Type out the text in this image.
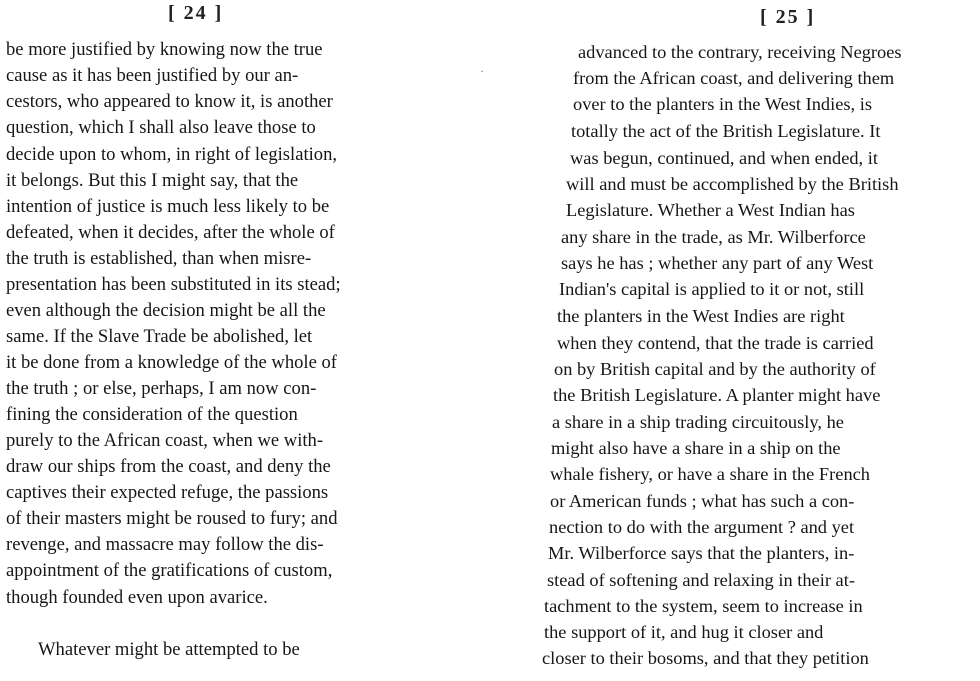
[ 24 ]
be more justified by knowing now the true
cause as it has been justified by our an-
cestors, who appeared to know it, is another
question, which I shall also leave those to
decide upon to whom, in right of legislation,
it belongs. But this I might say, that the
intention of justice is much less likely to be
defeated, when it decides, after the whole of
the truth is established, than when misre-
presentation has been substituted in its stead;
even although the decision might be all the
same. If the Slave Trade be abolished, let
it be done from a knowledge of the whole of
the truth ; or else, perhaps, I am now con-
fining the consideration of the question
purely to the African coast, when we with-
draw our ships from the coast, and deny the
captives their expected refuge, the passions
of their masters might be roused to fury; and
revenge, and massacre may follow the dis-
appointment of the gratifications of custom,
though founded even upon avarice.
Whatever might be attempted to be
·
[ 25 ]
advanced to the contrary, receiving Negroes
from the African coast, and delivering them
over to the planters in the West Indies, is
totally the act of the British Legislature. It
was begun, continued, and when ended, it
will and must be accomplished by the British
Legislature. Whether a West Indian has
any share in the trade, as Mr. Wilberforce
says he has ; whether any part of any West
Indian's capital is applied to it or not, still
the planters in the West Indies are right
when they contend, that the trade is carried
on by British capital and by the authority of
the British Legislature. A planter might have
a share in a ship trading circuitously, he
might also have a share in a ship on the
whale fishery, or have a share in the French
or American funds ; what has such a con-
nection to do with the argument ? and yet
Mr. Wilberforce says that the planters, in-
stead of softening and relaxing in their at-
tachment to the system, seem to increase in
the support of it, and hug it closer and
closer to their bosoms, and that they petition
